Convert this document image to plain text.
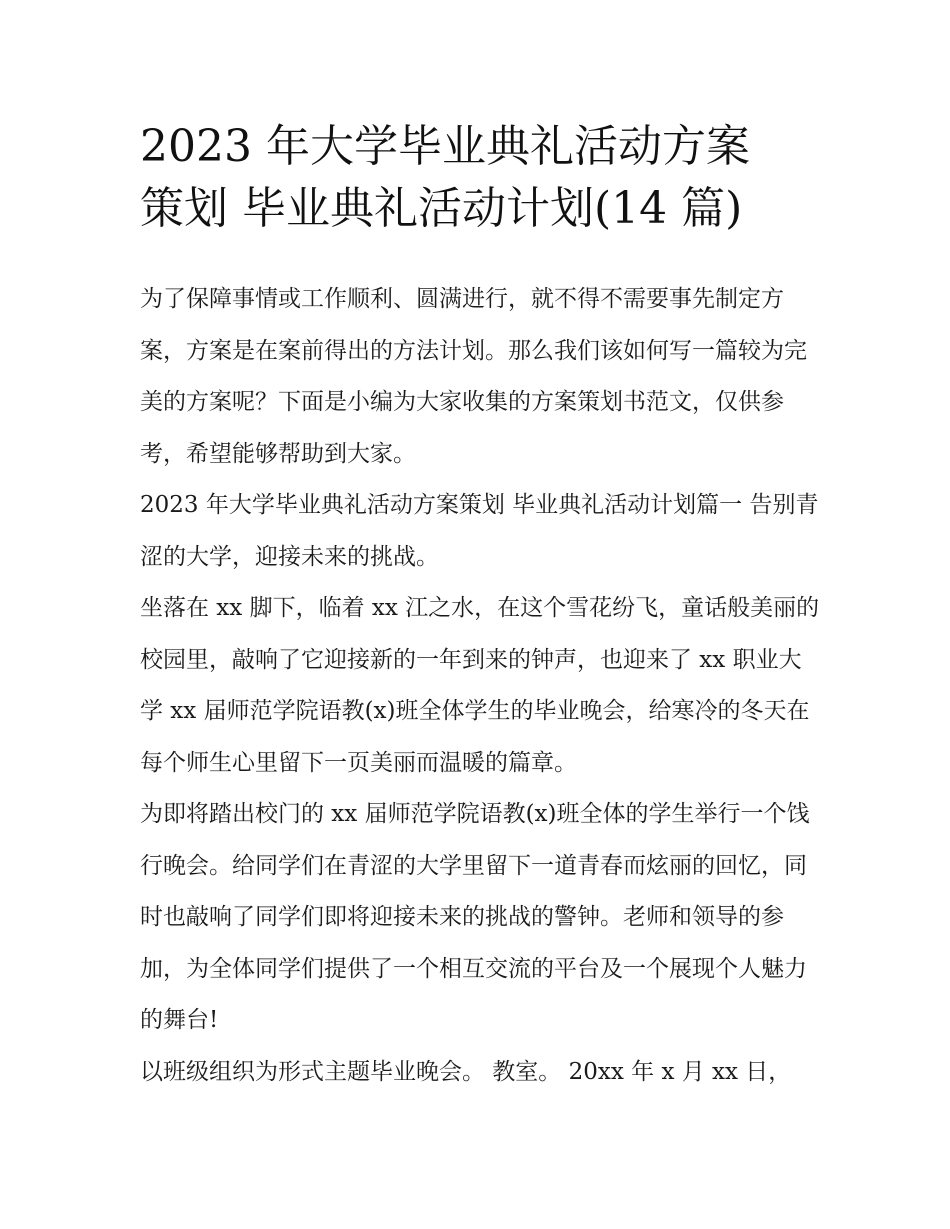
2023 年大学毕业典礼活动方案
策划 毕业典礼活动计划(14 篇)

为了保障事情或工作顺利、圆满进行，就不得不需要事先制定方案，方案是在案前得出的方法计划。那么我们该如何写一篇较为完美的方案呢？下面是小编为大家收集的方案策划书范文，仅供参考，希望能够帮助到大家。

2023 年大学毕业典礼活动方案策划 毕业典礼活动计划篇一 告别青涩的大学，迎接未来的挑战。

坐落在 xx 脚下，临着 xx 江之水，在这个雪花纷飞，童话般美丽的校园里，敲响了它迎接新的一年到来的钟声，也迎来了 xx 职业大学 xx 届师范学院语教(x)班全体学生的毕业晚会，给寒冷的冬天在每个师生心里留下一页美丽而温暖的篇章。

为即将踏出校门的 xx 届师范学院语教(x)班全体的学生举行一个饯行晚会。给同学们在青涩的大学里留下一道青春而炫丽的回忆，同时也敲响了同学们即将迎接未来的挑战的警钟。老师和领导的参加，为全体同学们提供了一个相互交流的平台及一个展现个人魅力的舞台!

以班级组织为形式主题毕业晚会。 教室。 20xx 年 x 月 xx 日，
